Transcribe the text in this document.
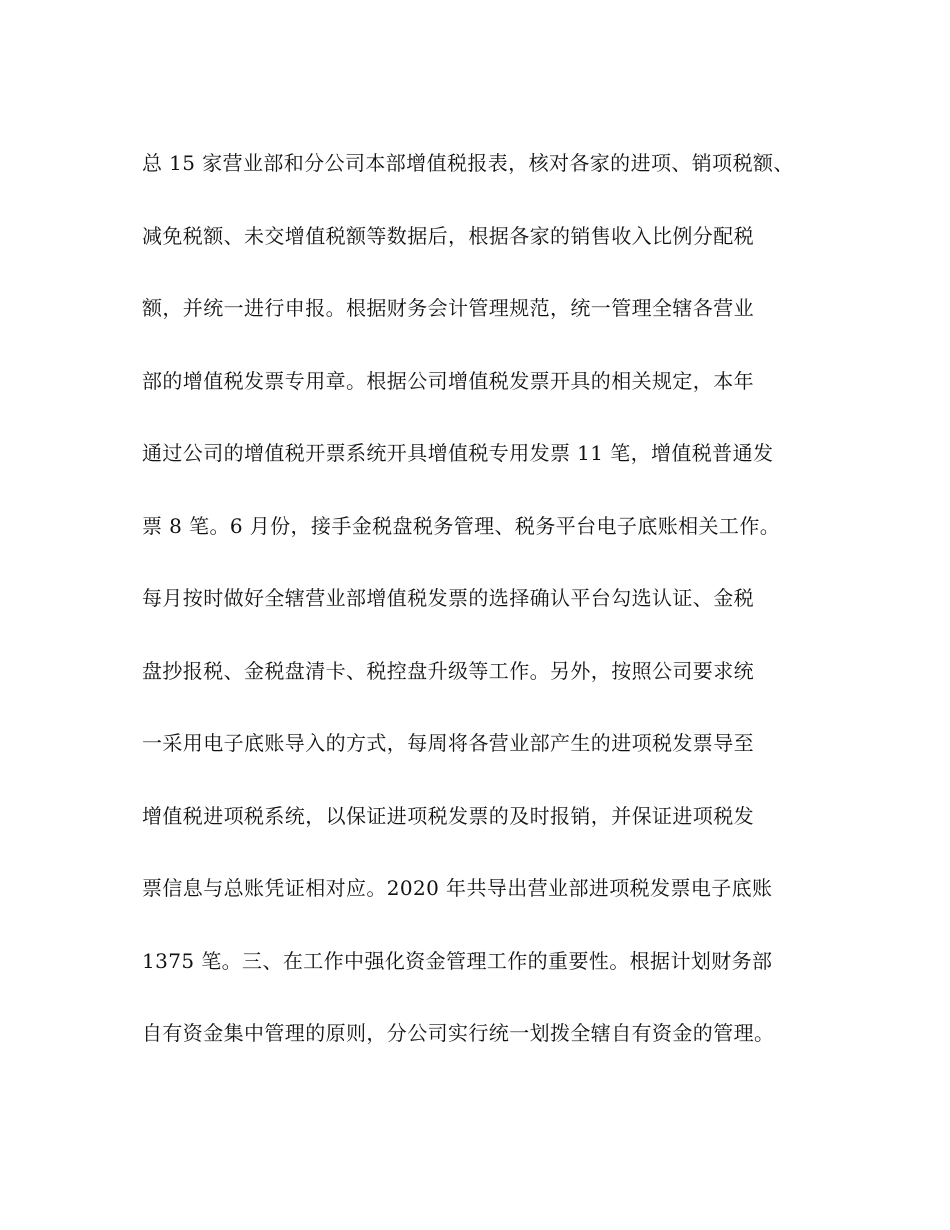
总 15 家营业部和分公司本部增值税报表，核对各家的进项、销项税额、
减免税额、未交增值税额等数据后，根据各家的销售收入比例分配税
额，并统一进行申报。根据财务会计管理规范，统一管理全辖各营业
部的增值税发票专用章。根据公司增值税发票开具的相关规定，本年
通过公司的增值税开票系统开具增值税专用发票 11 笔，增值税普通发
票 8 笔。6 月份，接手金税盘税务管理、税务平台电子底账相关工作。
每月按时做好全辖营业部增值税发票的选择确认平台勾选认证、金税
盘抄报税、金税盘清卡、税控盘升级等工作。另外，按照公司要求统
一采用电子底账导入的方式，每周将各营业部产生的进项税发票导至
增值税进项税系统，以保证进项税发票的及时报销，并保证进项税发
票信息与总账凭证相对应。2020 年共导出营业部进项税发票电子底账
1375 笔。三、在工作中强化资金管理工作的重要性。根据计划财务部
自有资金集中管理的原则，分公司实行统一划拨全辖自有资金的管理。
